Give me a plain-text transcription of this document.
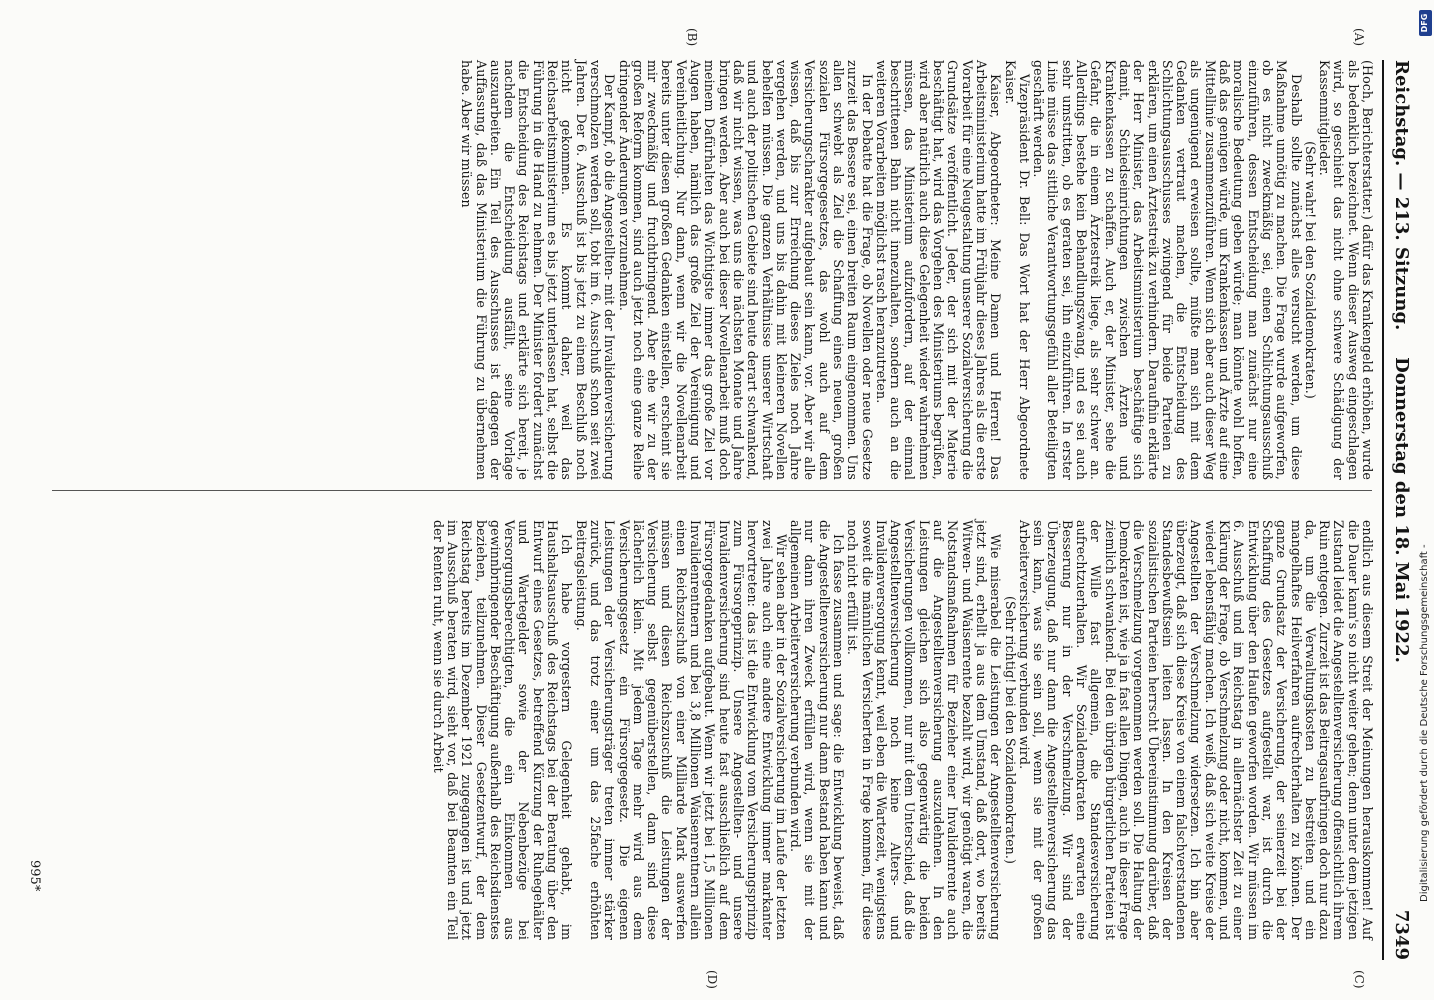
Reichstag. — 213. Sitzung.
Donnerstag den 18. Mai 1922.
7349
(A)
(B)
(C)
(D)

(Hoch, Berichterstatter.) dafür das Krankengeld erhöhen, wurde als bedenklich bezeichnet. Wenn dieser Ausweg eingeschlagen wird, so geschieht das nicht ohne schwere Schädigung der Kassenmitglieder.

(Sehr wahr! bei den Sozialdemokraten.)

Deshalb sollte zunächst alles versucht werden, um diese Maßnahme unnötig zu machen. Die Frage wurde aufgeworfen, ob es nicht zweckmäßig sei, einen Schlichtungsausschuß einzuführen, dessen Entscheidung man zunächst nur eine moralische Bedeutung geben würde; man könnte wohl hoffen, daß das genügen würde, um Krankenkassen und Ärzte auf eine Mittellinie zusammenzuführen. Wenn sich aber auch dieser Weg als ungenügend erweisen sollte, müßte man sich mit dem Gedanken vertraut machen, die Entscheidung des Schlichtungsausschusses zwingend für beide Parteien zu erklären, um einen Ärztestreik zu verhindern. Daraufhin erklärte der Herr Minister, das Arbeitsministerium beschäftige sich damit, Schiedseinrichtungen zwischen Ärzten und Krankenkassen zu schaffen. Auch er, der Minister, sehe die Gefahr, die in einem Ärztestreik liege, als sehr schwer an. Allerdings bestehe kein Behandlungszwang, und es sei auch sehr umstritten, ob es geraten sei, ihn einzuführen. In erster Linie müsse das sittliche Verantwortungsgefühl aller Beteiligten geschärft werden.

Vizepräsident Dr. Bell: Das Wort hat der Herr Abgeordnete Kaiser.

Kaiser, Abgeordneter: Meine Damen und Herren! Das Arbeitsministerium hatte im Frühjahr dieses Jahres als die erste Vorarbeit für eine Neugestaltung unserer Sozialversicherung die Grundsätze veröffentlicht. Jeder, der sich mit der Materie beschäftigt hat, wird das Vorgehen des Ministeriums begrüßen, wird aber natürlich auch diese Gelegenheit wieder wahrnehmen müssen, das Ministerium aufzufordern, auf der einmal beschrittenen Bahn nicht innezuhalten, sondern auch an die weiteren Vorarbeiten möglichst rasch heranzutreten.

In der Debatte hat die Frage, ob Novellen oder neue Gesetze zurzeit das Bessere sei, einen breiten Raum eingenommen. Uns allen schwebt als Ziel die Schaffung eines neuen, großen sozialen Fürsorgegesetzes, das wohl auch auf dem Versicherungscharakter aufgebaut sein kann, vor. Aber wir alle wissen, daß bis zur Erreichung dieses Zieles noch Jahre vergehen werden, und uns bis dahin mit kleineren Novellen behelfen müssen. Die ganzen Verhältnisse unserer Wirtschaft und auch der politischen Gebiete sind heute derart schwankend, daß wir nicht wissen, was uns die nächsten Monate und Jahre bringen werden. Aber auch bei dieser Novellenarbeit muß doch meinem Dafürhalten das Wichtigste immer das große Ziel vor Augen haben, nämlich das große Ziel der Vereinigung und Vereinheitlichung. Nur dann, wenn wir die Novellenarbeit bereits unter diesen großen Gedanken einstellen, erscheint sie mir zweckmäßig und fruchtbringend. Aber ehe wir zu der großen Reform kommen, sind auch jetzt noch eine ganze Reihe dringender Änderungen vorzunehmen.

Der Kampf, ob die Angestellten- mit der Invalidenversicherung verschmolzen werden soll, tobt im 6. Ausschuß schon seit zwei Jahren. Der 6. Ausschuß ist bis jetzt zu einem Beschluß noch nicht gekommen. Es kommt daher, weil das Reichsarbeitsministerium es bis jetzt unterlassen hat, selbst die Führung in die Hand zu nehmen. Der Minister fordert zunächst die Entscheidung des Reichstags und erklärte sich bereit, je nachdem die Entscheidung ausfällt, seine Vorlage auszuarbeiten. Ein Teil des Ausschusses ist dagegen der Auffassung, daß das Ministerium die Führung zu übernehmen habe. Aber wir müssen

endlich aus diesem Streit der Meinungen herauskommen! Auf die Dauer kann's so nicht weiter gehen; denn unter dem jetzigen Zustand leidet die Angestelltenversicherung offensichtlich ihrem Ruin entgegen. Zurzeit ist das Beitragsaufbringen doch nur dazu da, um die Verwaltungskosten zu bestreiten und ein mangelhaftes Heilverfahren aufrechterhalten zu können. Der ganze Grundsatz der Versicherung, der seinerzeit bei der Schaffung des Gesetzes aufgestellt war, ist durch die Entwicklung über den Haufen geworfen worden. Wir müssen im 6. Ausschuß und im Reichstag in allernächster Zeit zu einer Klärung der Frage, ob Verschmelzung oder nicht, kommen, und wieder lebensfähig machen. Ich weiß, daß sich weite Kreise der Angestellten der Verschmelzung widersetzen. Ich bin aber überzeugt, daß sich diese Kreise von einem falschverstandenen Standesbewußtsein leiten lassen. In den Kreisen der sozialistischen Parteien herrscht Übereinstimmung darüber, daß die Verschmelzung vorgenommen werden soll. Die Haltung der Demokraten ist, wie ja in fast allen Dingen, auch in dieser Frage ziemlich schwankend. Bei den übrigen bürgerlichen Parteien ist der Wille fast allgemein, die Standesversicherung aufrechtzuerhalten. Wir Sozialdemokraten erwarten eine Besserung nur in der Verschmelzung. Wir sind der Überzeugung, daß nur dann die Angestelltenversicherung das sein kann, was sie sein soll, wenn sie mit der großen Arbeiterversicherung verbunden wird.

(Sehr richtig! bei den Sozialdemokraten.)

Wie miserabel die Leistungen der Angestelltenversicherung jetzt sind, erhellt ja aus dem Umstand, daß dort, wo bereits Witwen- und Waisenrente bezahlt wird, wir genötigt waren, die Notstandsmaßnahmen für Bezieher einer Invalidenrente auch auf die Angestelltenversicherung auszudehnen. In den Leistungen gleichen sich also gegenwärtig die beiden Versicherungen vollkommen, nur mit dem Unterschied, daß die Angestelltenversicherung noch keine Alters- und Invalidenversorgung kennt, weil eben die Wartezeit, wenigstens soweit die männlichen Versicherten in Frage kommen, für diese noch nicht erfüllt ist.

Ich fasse zusammen und sage: die Entwicklung beweist, daß die Angestelltenversicherung nur dann Bestand haben kann und nur dann ihren Zweck erfüllen wird, wenn sie mit der allgemeinen Arbeiterversicherung verbunden wird.

Wir sehen aber in der Sozialversicherung im Laufe der letzten zwei Jahre auch eine andere Entwicklung immer markanter hervortreten: das ist die Entwicklung vom Versicherungsprinzip zum Fürsorgeprinzip. Unsere Angestellten- und unsere Invalidenversicherung sind heute fast ausschließlich auf dem Fürsorgegedanken aufgebaut. Wenn wir jetzt bei 1,5 Millionen Invalidenrentnern und bei 3,8 Millionen Waisenrentnern allein einen Reichszuschuß von einer Milliarde Mark auswerfen müssen und diesen Reichszuschuß die Leistungen der Versicherung selbst gegenüberstellen, dann sind diese lächerlich klein. Mit jedem Tage mehr wird aus dem Versicherungsgesetz ein Fürsorgegesetz. Die eigenen Leistungen der Versicherungsträger treten immer stärker zurück, und das trotz einer um das 25fache erhöhten Beitragsleistung.

Ich habe vorgestern Gelegenheit gehabt, im Haushaltsausschuß des Reichstags bei der Beratung über den Entwurf eines Gesetzes, betreffend Kürzung der Ruhegehälter und Wartegelder sowie der Nebenbezüge bei Versorgungsberechtigten, die ein Einkommen aus gewinnbringender Beschäftigung außerhalb des Reichsdienstes beziehen, teilzunehmen. Dieser Gesetzentwurf, der dem Reichstag bereits im Dezember 1921 zugegangen ist und jetzt im Ausschuß beraten wird, sieht vor, daß bei Beamten ein Teil der Renten ruht, wenn sie durch Arbeit

995*
DFG
Digitalisierung gefördert durch die Deutsche Forschungsgemeinschaft -
